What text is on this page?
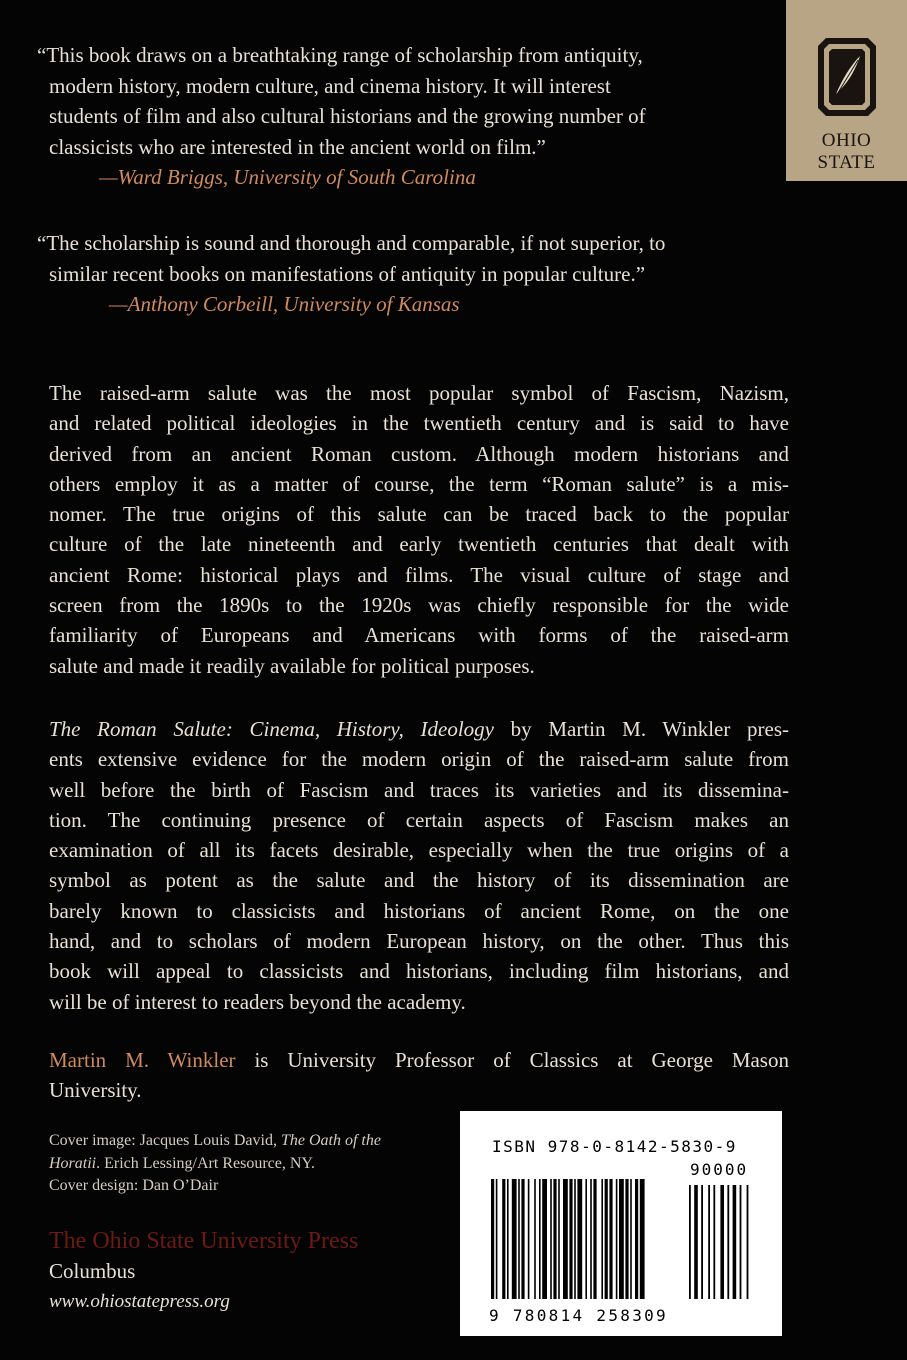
OHIO
STATE

“This book draws on a breathtaking range of scholarship from antiquity,

modern history, modern culture, and cinema history. It will interest

students of film and also cultural historians and the growing number of

classicists who are interested in the ancient world on film.”

—Ward Briggs, University of South Carolina

“The scholarship is sound and thorough and comparable, if not superior, to

similar recent books on manifestations of antiquity in popular culture.”

—Anthony Corbeill, University of Kansas

The raised-arm salute was the most popular symbol of Fascism, Nazism,
and related political ideologies in the twentieth century and is said to have
derived from an ancient Roman custom. Although modern historians and
others employ it as a matter of course, the term “Roman salute” is a mis-
nomer. The true origins of this salute can be traced back to the popular
culture of the late nineteenth and early twentieth centuries that dealt with
ancient Rome: historical plays and films. The visual culture of stage and
screen from the 1890s to the 1920s was chiefly responsible for the wide
familiarity of Europeans and Americans with forms of the raised-arm
salute and made it readily available for political purposes.
The Roman Salute: Cinema, History, Ideology by Martin M. Winkler pres-
ents extensive evidence for the modern origin of the raised-arm salute from
well before the birth of Fascism and traces its varieties and its dissemina-
tion. The continuing presence of certain aspects of Fascism makes an
examination of all its facets desirable, especially when the true origins of a
symbol as potent as the salute and the history of its dissemination are
barely known to classicists and historians of ancient Rome, on the one
hand, and to scholars of modern European history, on the other. Thus this
book will appeal to classicists and historians, including film historians, and
will be of interest to readers beyond the academy.
Martin M. Winkler is University Professor of Classics at George Mason
University.
Cover image: Jacques Louis David, The Oath of the
Horatii. Erich Lessing/Art Resource, NY.
Cover design: Dan O’Dair
The Ohio State University Press
Columbus
www.ohiostatepress.org
ISBN 978-0-8142-5830-9
90000
9 780814 258309
